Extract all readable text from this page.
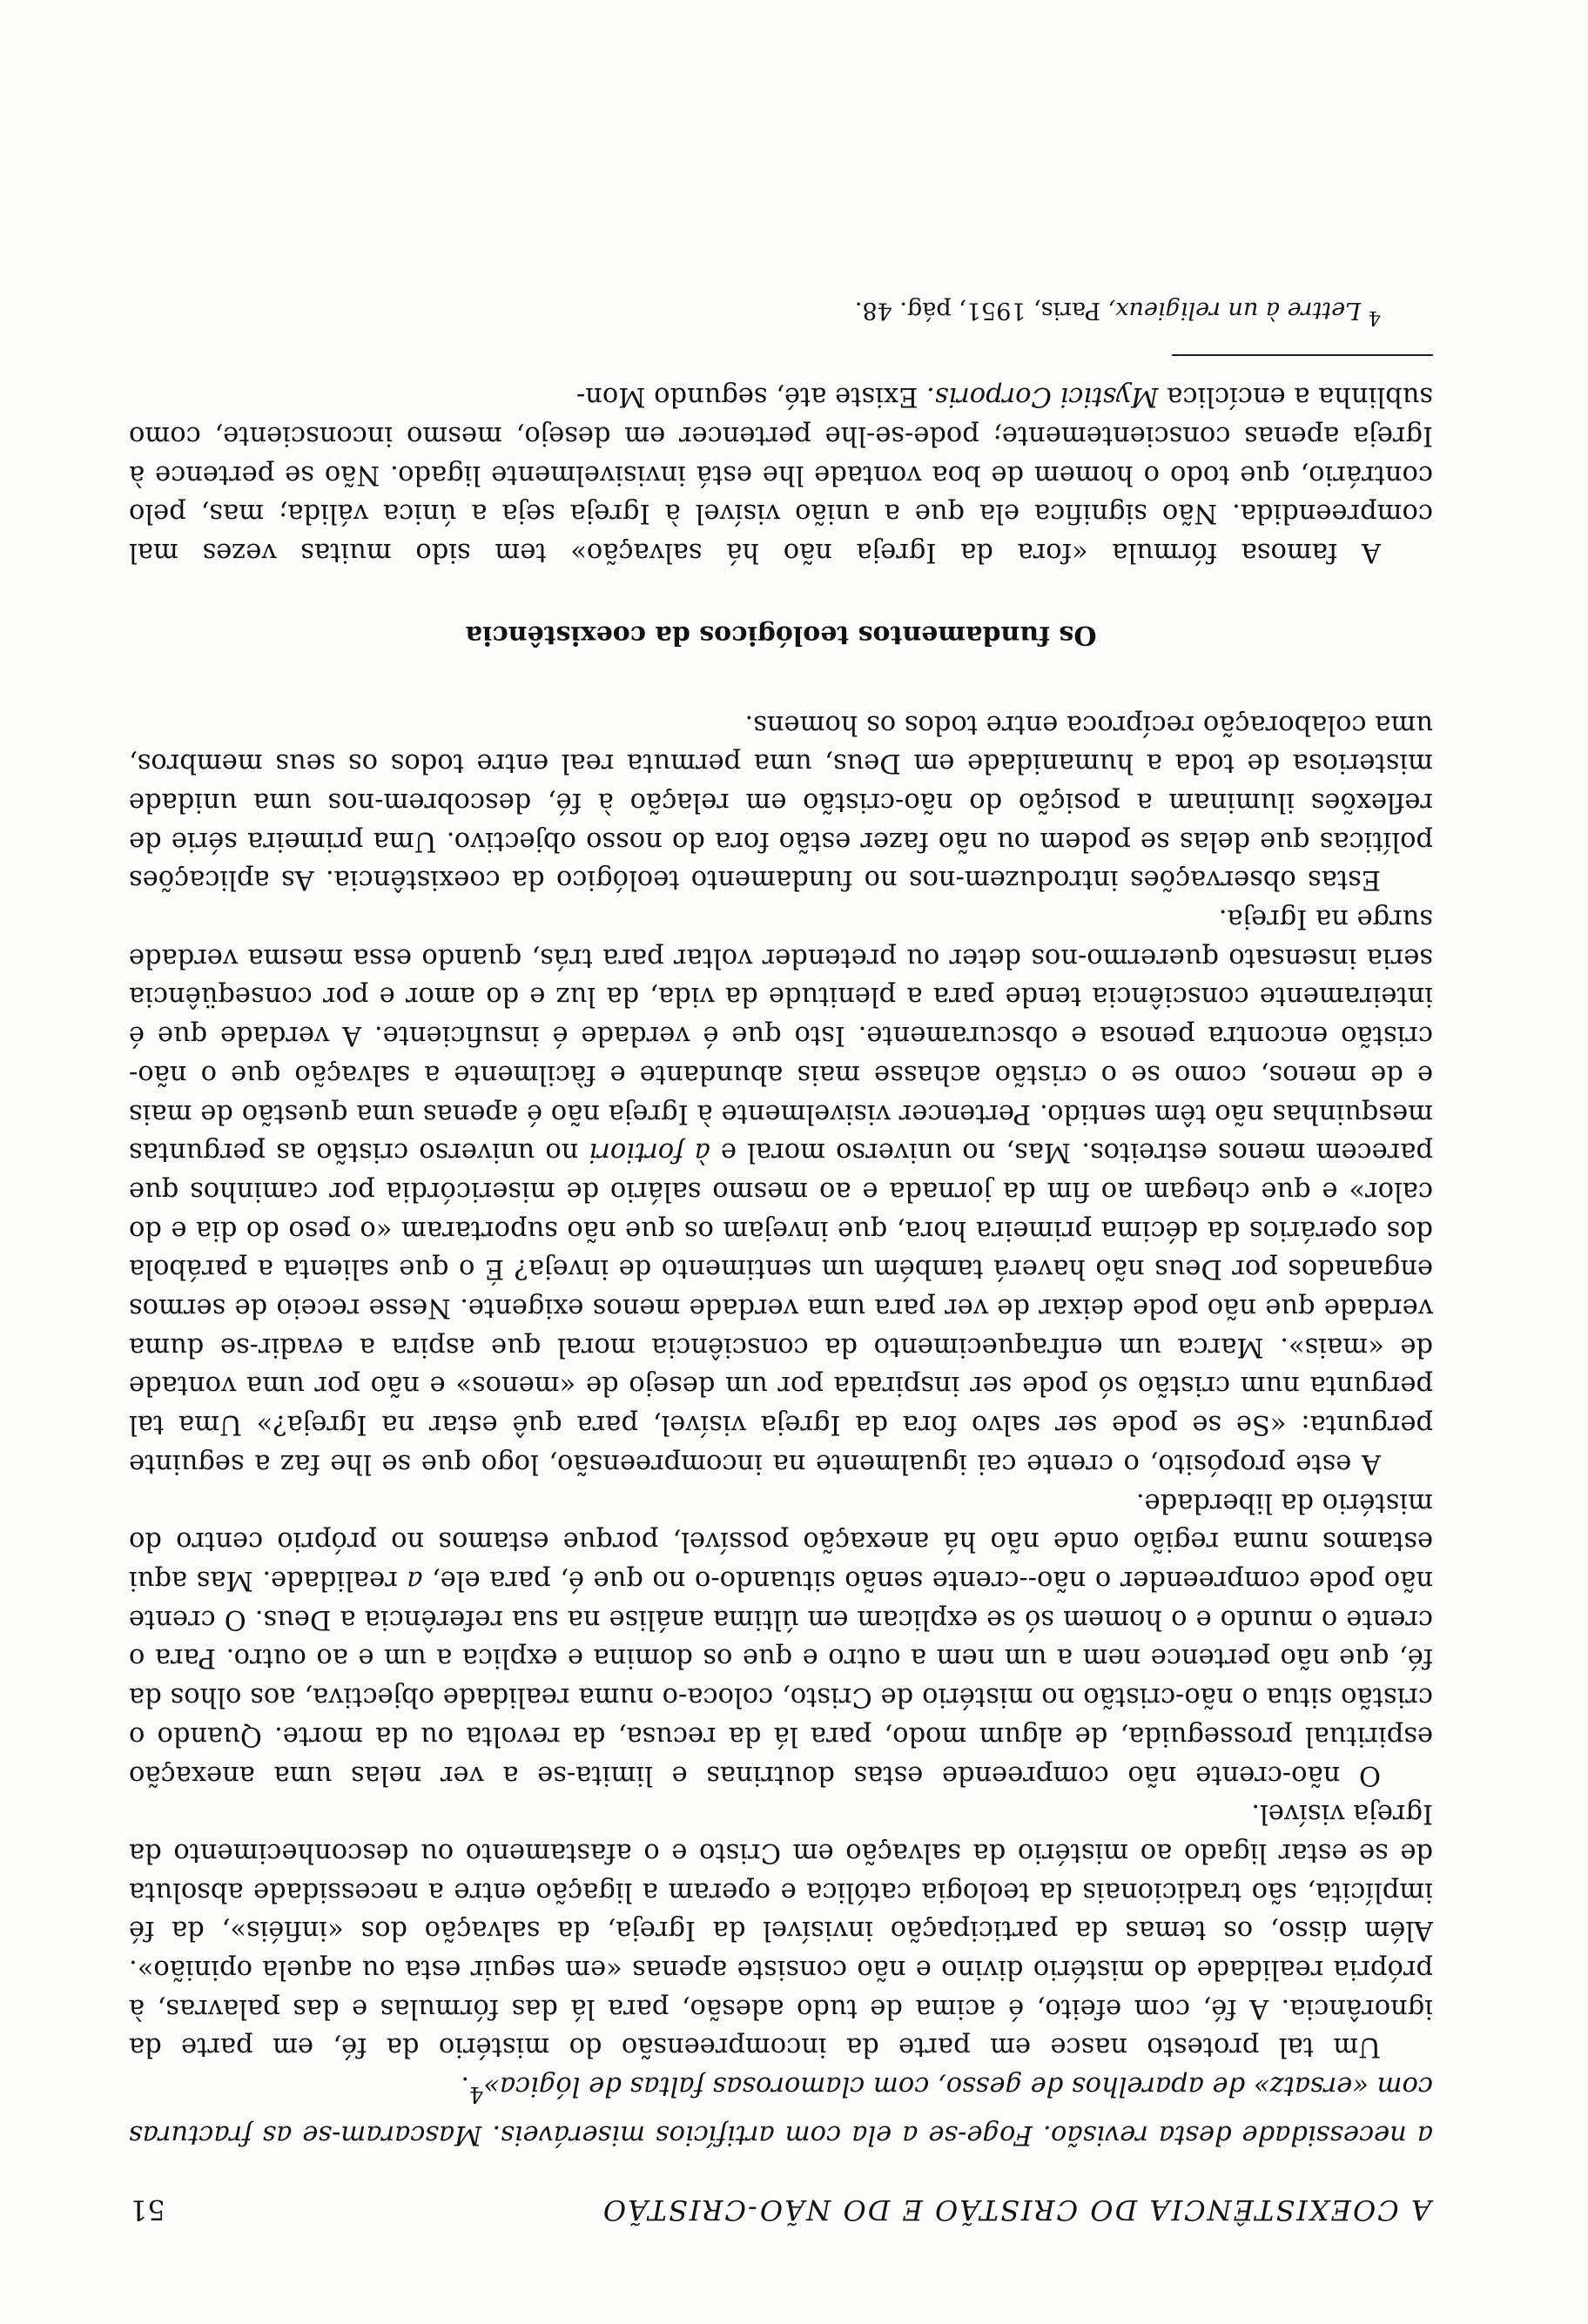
A COEXISTÊNCIA DO CRISTÃO E DO NÃO-CRISTÃO
51

a necessidade desta revisão. Foge-se a ela com artifícios miseráveis. Mascaram-se as fracturas com «ersatz» de aparelhos de gesso, com clamorosas faltas de lógica»$^4$.

Um tal protesto nasce em parte da incompreensão do mistério da fé, em parte da ignorância. A fé, com efeito, é acima de tudo adesão, para lá das fórmulas e das palavras, à própria realidade do mistério divino e não consiste apenas «em seguir esta ou aquela opinião». Além disso, os temas da participação invisível da Igreja, da salvação dos «infiéis», da fé implícita, são tradicionais da teologia católica e operam a ligação entre a necessidade absoluta de se estar ligado ao mistério da salvação em Cristo e o afastamento ou desconhecimento da Igreja visível.

O não-crente não compreende estas doutrinas e limita-se a ver nelas uma anexação espiritual prosseguida, de algum modo, para lá da recusa, da revolta ou da morte. Quando o cristão situa o não-cristão no mistério de Cristo, coloca-o numa realidade objectiva, aos olhos da fé, que não pertence nem a um nem a outro e que os domina e explica a um e ao outro. Para o crente o mundo e o homem só se explicam em última análise na sua referência a Deus. O crente não pode compreender o não--crente senão situando-o no que é, para ele, a realidade. Mas aqui estamos numa região onde não há anexação possível, porque estamos no próprio centro do mistério da liberdade.

A este propósito, o crente cai igualmente na incompreensão, logo que se lhe faz a seguinte pergunta: «Se se pode ser salvo fora da Igreja visível, para quê estar na Igreja?» Uma tal pergunta num cristão só pode ser inspirada por um desejo de «menos» e não por uma vontade de «mais». Marca um enfraquecimento da consciência moral que aspira a evadir-se duma verdade que não pode deixar de ver para uma verdade menos exigente. Nesse receio de sermos enganados por Deus não haverá também um sentimento de inveja? É o que salienta a parábola dos operários da décima primeira hora, que invejam os que não suportaram «o peso do dia e do calor» e que chegam ao fim da jornada e ao mesmo salário de misericórdia por caminhos que parecem menos estreitos. Mas, no universo moral e à fortiori no universo cristão as perguntas mesquinhas não têm sentido. Pertencer visivelmente à Igreja não é apenas uma questão de mais e de menos, como se o cristão achasse mais abundante e fàcilmente a salvação que o não-cristão encontra penosa e obscuramente. Isto que é verdade é insuficiente. A verdade que é inteiramente consciência tende para a plenitude da vida, da luz e do amor e por conseqüência seria insensato querermo-nos deter ou pretender voltar para trás, quando essa mesma verdade surge na Igreja.

Estas observações introduzem-nos no fundamento teológico da coexistência. As aplicações políticas que delas se podem ou não fazer estão fora do nosso objectivo. Uma primeira série de reflexões iluminam a posição do não-cristão em relação à fé, descobrem-nos uma unidade misteriosa de toda a humanidade em Deus, uma permuta real entre todos os seus membros, uma colaboração recíproca entre todos os homens.

Os fundamentos teológicos da coexistência

A famosa fórmula «fora da Igreja não há salvação» tem sido muitas vezes mal compreendida. Não significa ela que a união visível à Igreja seja a única válida; mas, pelo contrário, que todo o homem de boa vontade lhe está invisivelmente ligado. Não se pertence à Igreja apenas conscientemente; pode-se-lhe pertencer em desejo, mesmo inconsciente, como sublinha a encíclica Mystici Corporis. Existe até, segundo Mon-

$^4$ Lettre à un religieux, Paris, 1951, pág. 48.
